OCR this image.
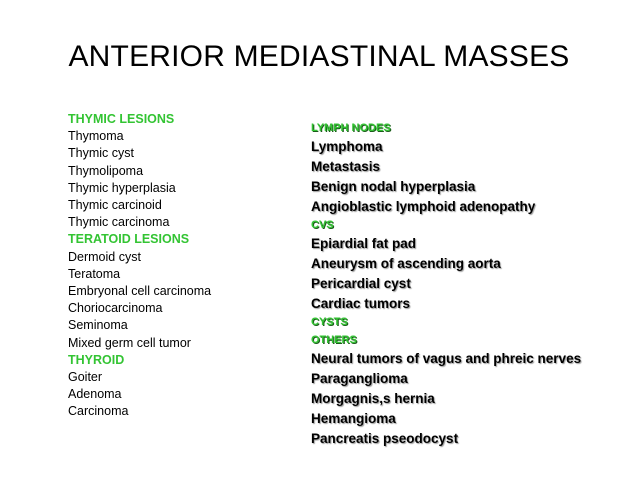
ANTERIOR MEDIASTINAL MASSES
THYMIC LESIONS
Thymoma
Thymic cyst
Thymolipoma
Thymic hyperplasia
Thymic carcinoid
Thymic carcinoma
TERATOID LESIONS
Dermoid cyst
Teratoma
Embryonal cell carcinoma
Choriocarcinoma
Seminoma
Mixed germ cell tumor
THYROID
Goiter
Adenoma
Carcinoma
LYMPH NODES
Lymphoma
Metastasis
Benign nodal hyperplasia
Angioblastic lymphoid adenopathy
CVS
Epiardial fat pad
Aneurysm of ascending aorta
Pericardial cyst
Cardiac tumors
CYSTS
OTHERS
Neural tumors of vagus and phreic nerves
Paraganglioma
Morgagnis,s hernia
Hemangioma
Pancreatis pseodocyst
